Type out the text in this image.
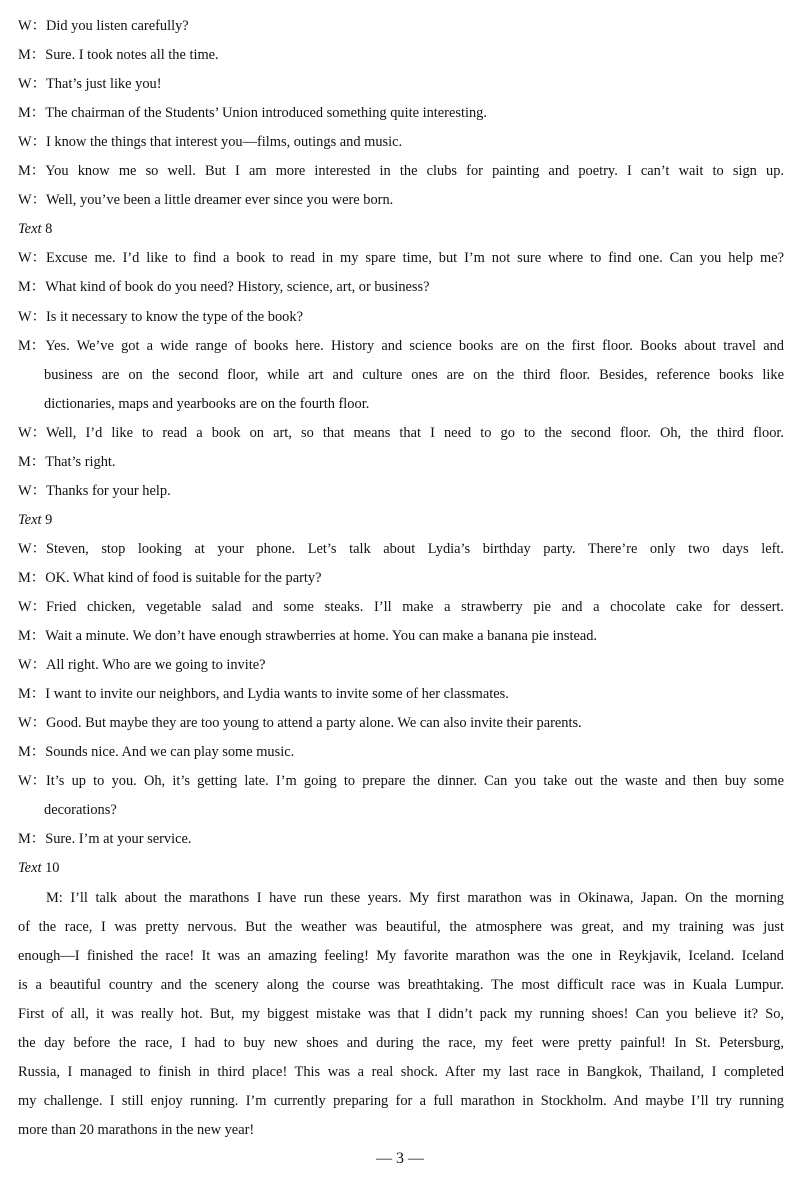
W：Did you listen carefully?
M：Sure. I took notes all the time.
W：That’s just like you!
M：The chairman of the Students’ Union introduced something quite interesting.
W：I know the things that interest you—films, outings and music.
M：You know me so well. But I am more interested in the clubs for painting and poetry. I can’t wait to sign up.
W：Well, you’ve been a little dreamer ever since you were born.
Text 8
W：Excuse me. I’d like to find a book to read in my spare time, but I’m not sure where to find one. Can you help me?
M：What kind of book do you need? History, science, art, or business?
W：Is it necessary to know the type of the book?
M：Yes. We’ve got a wide range of books here. History and science books are on the first floor. Books about travel and
business are on the second floor, while art and culture ones are on the third floor. Besides, reference books like
dictionaries, maps and yearbooks are on the fourth floor.
W：Well, I’d like to read a book on art, so that means that I need to go to the second floor. Oh, the third floor.
M：That’s right.
W：Thanks for your help.
Text 9
W：Steven, stop looking at your phone. Let’s talk about Lydia’s birthday party. There’re only two days left.
M：OK. What kind of food is suitable for the party?
W：Fried chicken, vegetable salad and some steaks. I’ll make a strawberry pie and a chocolate cake for dessert.
M：Wait a minute. We don’t have enough strawberries at home. You can make a banana pie instead.
W：All right. Who are we going to invite?
M：I want to invite our neighbors, and Lydia wants to invite some of her classmates.
W：Good. But maybe they are too young to attend a party alone. We can also invite their parents.
M：Sounds nice. And we can play some music.
W：It’s up to you. Oh, it’s getting late. I’m going to prepare the dinner. Can you take out the waste and then buy some
decorations?
M：Sure. I’m at your service.
Text 10
M: I’ll talk about the marathons I have run these years. My first marathon was in Okinawa, Japan. On the morning
of the race, I was pretty nervous. But the weather was beautiful, the atmosphere was great, and my training was just
enough—I finished the race! It was an amazing feeling! My favorite marathon was the one in Reykjavik, Iceland. Iceland
is a beautiful country and the scenery along the course was breathtaking. The most difficult race was in Kuala Lumpur.
First of all, it was really hot. But, my biggest mistake was that I didn’t pack my running shoes! Can you believe it? So,
the day before the race, I had to buy new shoes and during the race, my feet were pretty painful! In St. Petersburg,
Russia, I managed to finish in third place! This was a real shock. After my last race in Bangkok, Thailand, I completed
my challenge. I still enjoy running. I’m currently preparing for a full marathon in Stockholm. And maybe I’ll try running
more than 20 marathons in the new year!
— 3 —
